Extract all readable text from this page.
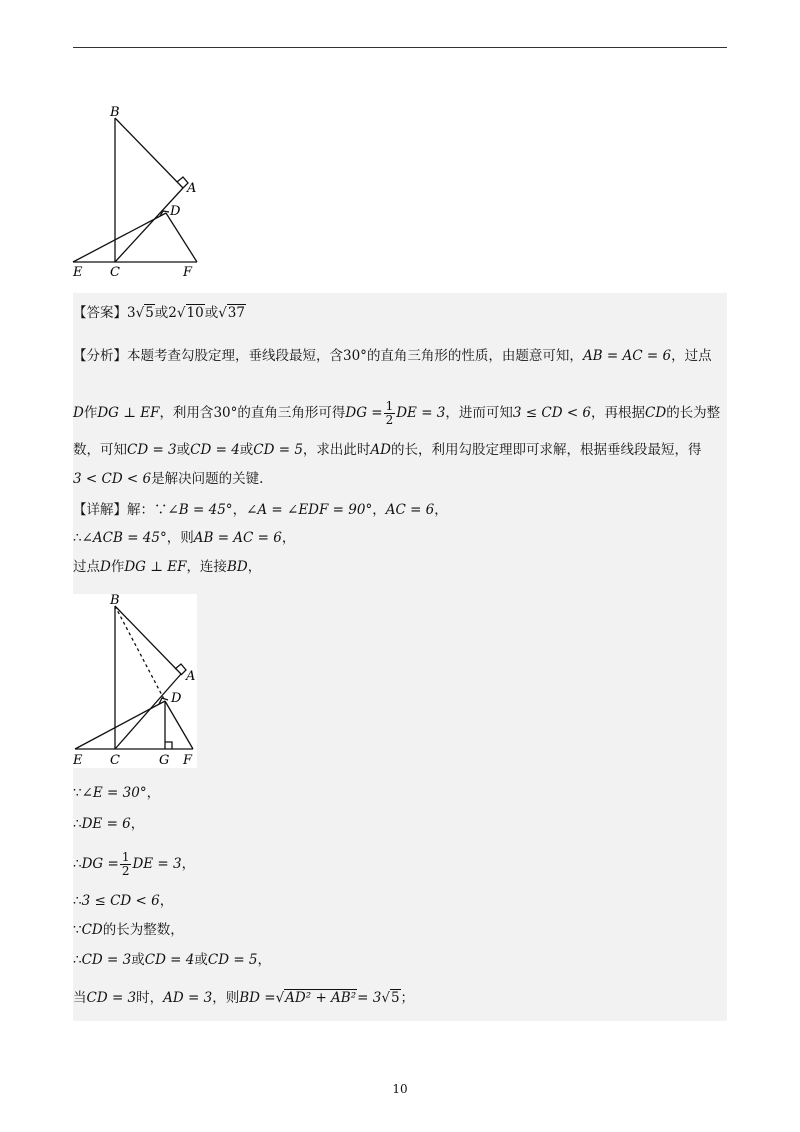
B
A
D
E C	F
【答案】3√5或2√10或√37
【分析】本题考查勾股定理，垂线段最短，含30°的直角三角形的性质，由题意可知，AB = AC = 6，过点
D作DG ⊥ EF，利用含30°的直角三角形可得DG = $\frac{1}{2}$ DE = 3，进而可知3 ≤ CD < 6，再根据CD的长为整
数，可知CD = 3或CD = 4或CD = 5，求出此时AD的长，利用勾股定理即可求解，根据垂线段最短，得
3 < CD < 6是解决问题的关键.
【详解】解：∵∠B = 45°，∠A = ∠EDF = 90°，AC = 6，
∴∠ACB = 45°，则AB = AC = 6，
过点D作DG ⊥ EF，连接BD，
B
A
D
E C	G F
∵∠E = 30°，
∴DE = 6，
∴DG = $\frac{1}{2}$ DE = 3，
∴3 ≤ CD < 6，
∵CD的长为整数，
∴CD = 3或CD = 4或CD = 5，
当CD = 3时，AD = 3，则BD =√AD² + AB²= 3√5；
10
